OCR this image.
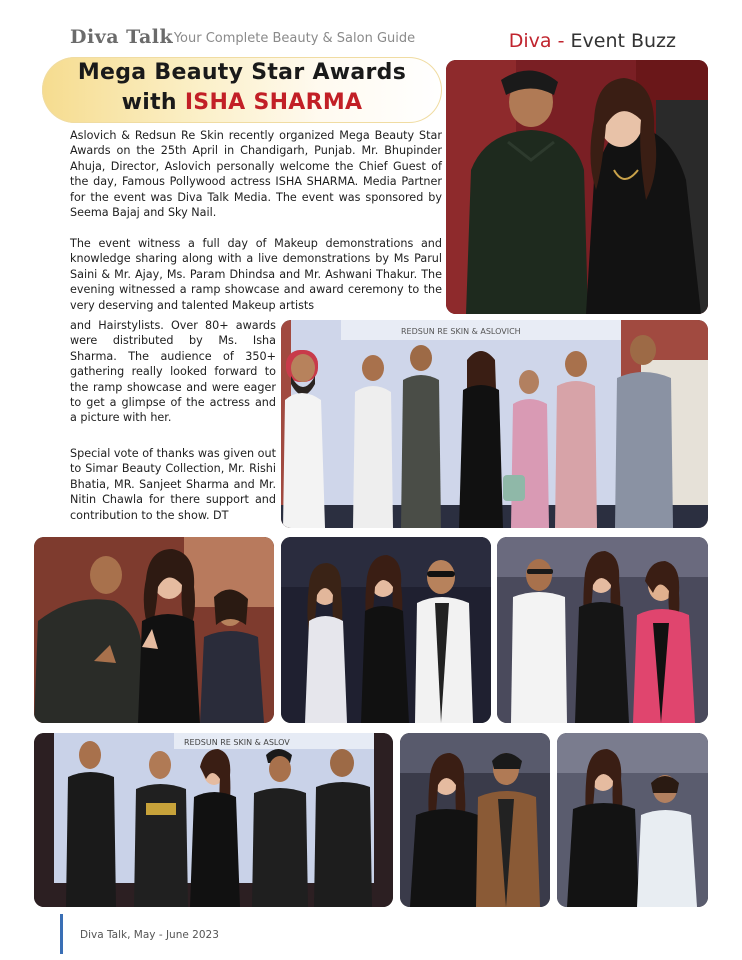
Diva Talk
- Your Complete Beauty & Salon Guide	Diva - Event Buzz
Mega Beauty Star Awards
with ISHA SHARMA

Aslovich & Redsun Re Skin recently organized Mega Beauty Star Awards on the 25th April in Chandigarh, Punjab. Mr. Bhupinder Ahuja, Director, Aslovich personally welcome the Chief Guest of the day, Famous Pollywood actress ISHA SHARMA. Media Partner for the event was Diva Talk Media. The event was sponsored by Seema Bajaj and Sky Nail.

The event witness a full day of Makeup demonstrations and knowledge sharing along with a live demonstrations by Ms Parul Saini & Mr. Ajay, Ms. Param Dhindsa and Mr. Ashwani Thakur. The evening witnessed a ramp showcase and award ceremony to the very deserving and talented Makeup artists

and Hairstylists. Over 80+ awards were distributed by Ms. Isha Sharma. The audience of 350+ gathering really looked forward to the ramp showcase and were eager to get a glimpse of the actress and a picture with her.

Special vote of thanks was given out to Simar Beauty Collection, Mr. Rishi Bhatia, MR. Sanjeet Sharma and Mr. Nitin Chawla for there support and contribution to the show. DT

REDSUN RE SKIN & ASLOVICH
REDSUN RE SKIN & ASLOV
Diva Talk, May - June 2023
